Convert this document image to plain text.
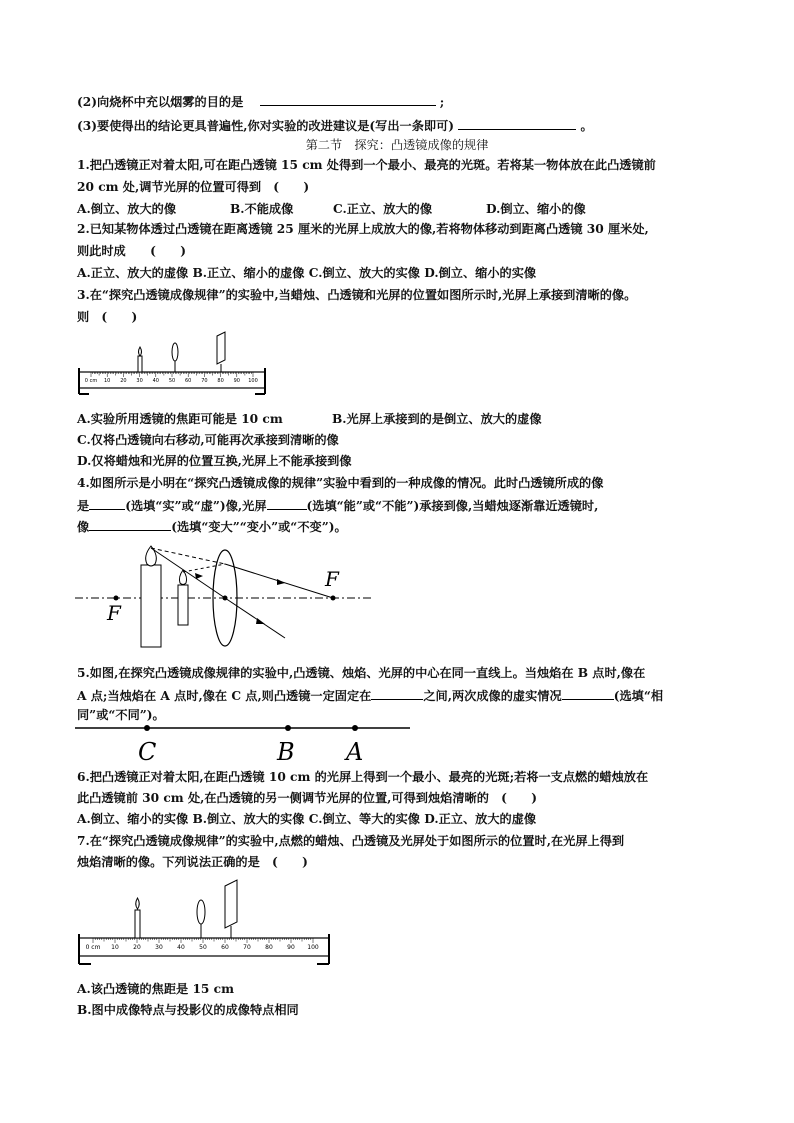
(2)向烧杯中充以烟雾的目的是	;
(3)要使得出的结论更具普遍性,你对实验的改进建议是(写出一条即可)	。
第二节　探究：凸透镜成像的规律
1.把凸透镜正对着太阳,可在距凸透镜 15 cm 处得到一个最小、最亮的光斑。若将某一物体放在此凸透镜前
20 cm 处,调节光屏的位置可得到　(　　)
A.倒立、放大的像	B.不能成像	C.正立、放大的像	D.倒立、缩小的像
2.已知某物体透过凸透镜在距离透镜 25 厘米的光屏上成放大的像,若将物体移动到距离凸透镜 30 厘米处,
则此时成　　(　　)
A.正立、放大的虚像 B.正立、缩小的虚像 C.倒立、放大的实像 D.倒立、缩小的实像
3.在“探究凸透镜成像规律”的实验中,当蜡烛、凸透镜和光屏的位置如图所示时,光屏上承接到清晰的像。
则　(　　)
0 cm 10 20 30 40 50 60 70 80 90 100
A.实验所用透镜的焦距可能是 10 cm	B.光屏上承接到的是倒立、放大的虚像
C.仅将凸透镜向右移动,可能再次承接到清晰的像
D.仅将蜡烛和光屏的位置互换,光屏上不能承接到像
4.如图所示是小明在“探究凸透镜成像的规律”实验中看到的一种成像的情况。此时凸透镜所成的像
是	(选填“实”或“虚”)像,光屏	(选填“能”或“不能”)承接到像,当蜡烛逐渐靠近透镜时,
像	(选填“变大”“变小”或“不变”)。
F
F
5.如图,在探究凸透镜成像规律的实验中,凸透镜、烛焰、光屏的中心在同一直线上。当烛焰在 B 点时,像在
A 点;当烛焰在 A 点时,像在 C 点,则凸透镜一定固定在	之间,两次成像的虚实情况	(选填“相
同”或“不同”)。
C	B A
6.把凸透镜正对着太阳,在距凸透镜 10 cm 的光屏上得到一个最小、最亮的光斑;若将一支点燃的蜡烛放在
此凸透镜前 30 cm 处,在凸透镜的另一侧调节光屏的位置,可得到烛焰清晰的　(　　)
A.倒立、缩小的实像 B.倒立、放大的实像 C.倒立、等大的实像 D.正立、放大的虚像
7.在“探究凸透镜成像规律”的实验中,点燃的蜡烛、凸透镜及光屏处于如图所示的位置时,在光屏上得到
烛焰清晰的像。下列说法正确的是　(　　)
0 cm 10 20 30 40 50 60 70 80 90 100
A.该凸透镜的焦距是 15 cm
B.图中成像特点与投影仪的成像特点相同
